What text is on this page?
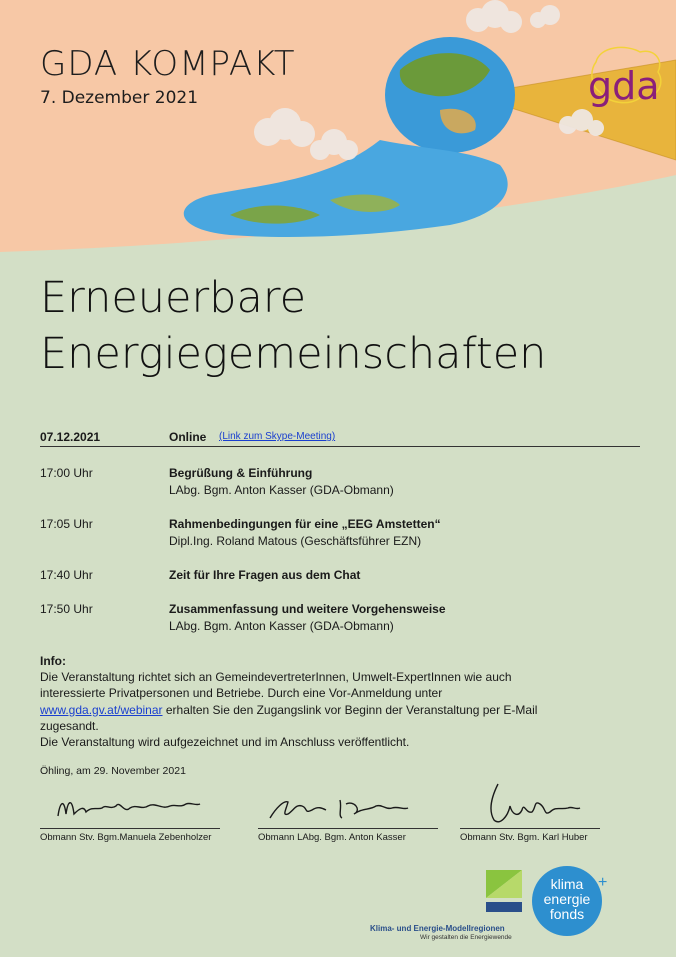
GDA KOMPAKT
7. Dezember 2021	gda
Erneuerbare
Energiegemeinschaften
07.12.2021	Online (Link zum Skype-Meeting)
17:00 Uhr	Begrüßung & Einführung
LAbg. Bgm. Anton Kasser (GDA-Obmann)
17:05 Uhr	Rahmenbedingungen für eine „EEG Amstetten“
Dipl.Ing. Roland Matous (Geschäftsführer EZN)
17:40 Uhr	Zeit für Ihre Fragen aus dem Chat
17:50 Uhr	Zusammenfassung und weitere Vorgehensweise
LAbg. Bgm. Anton Kasser (GDA-Obmann)
Info:
Die Veranstaltung richtet sich an GemeindevertreterInnen, Umwelt-ExpertInnen wie auch
interessierte Privatpersonen und Betriebe. Durch eine Vor-Anmeldung unter
www.gda.gv.at/webinar erhalten Sie den Zugangslink vor Beginn der Veranstaltung per E-Mail
zugesandt.
Die Veranstaltung wird aufgezeichnet und im Anschluss veröffentlicht.
Öhling, am 29. November 2021
Obmann Stv. Bgm.Manuela Zebenholzer	Obmann LAbg. Bgm. Anton Kasser	Obmann Stv. Bgm. Karl Huber
Klima- und Energie-Modellregionen
Wir gestalten die Energiewende
klima
energie
fonds
+
